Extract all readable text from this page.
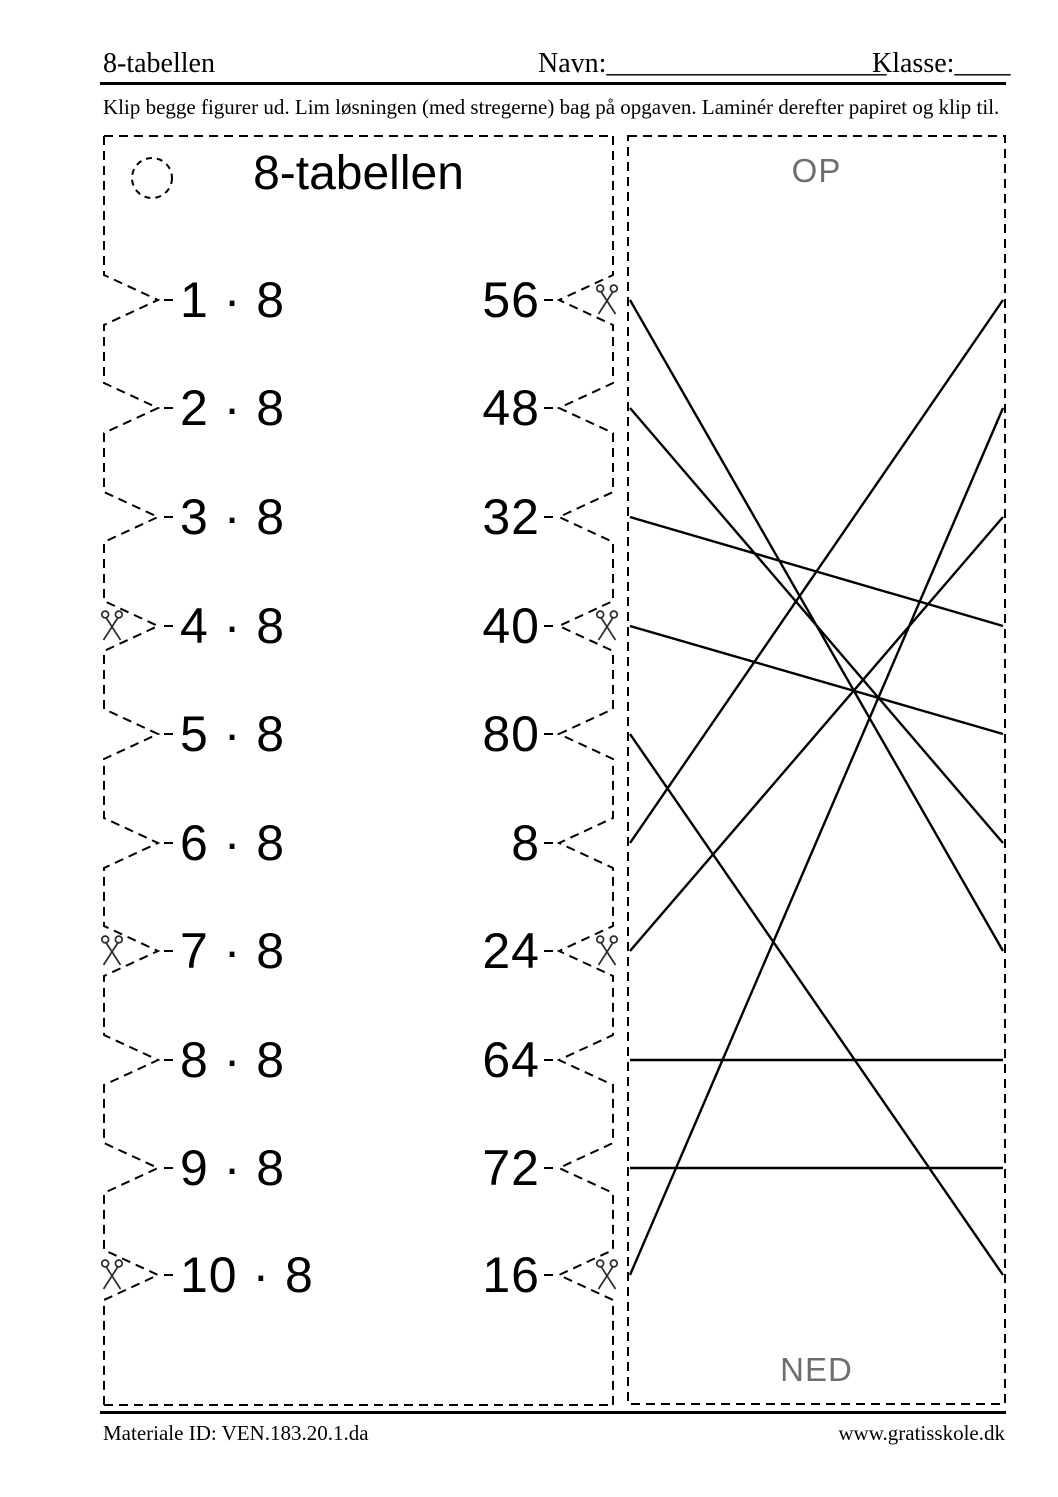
8-tabellen	Navn:____________________
Klasse:____
Klip begge figurer ud. Lim løsningen (med stregerne) bag på opgaven. Laminér derefter papiret og klip til.
8-tabellen
1 · 8	56
2 · 8	48
3 · 8	32
4 · 8	40
5 · 8	80
6 · 8	8
7 · 8	24
8 · 8	64
9 · 8	72
10 · 8	16
OP
NED
Materiale ID: VEN.183.20.1.da	www.gratisskole.dk
